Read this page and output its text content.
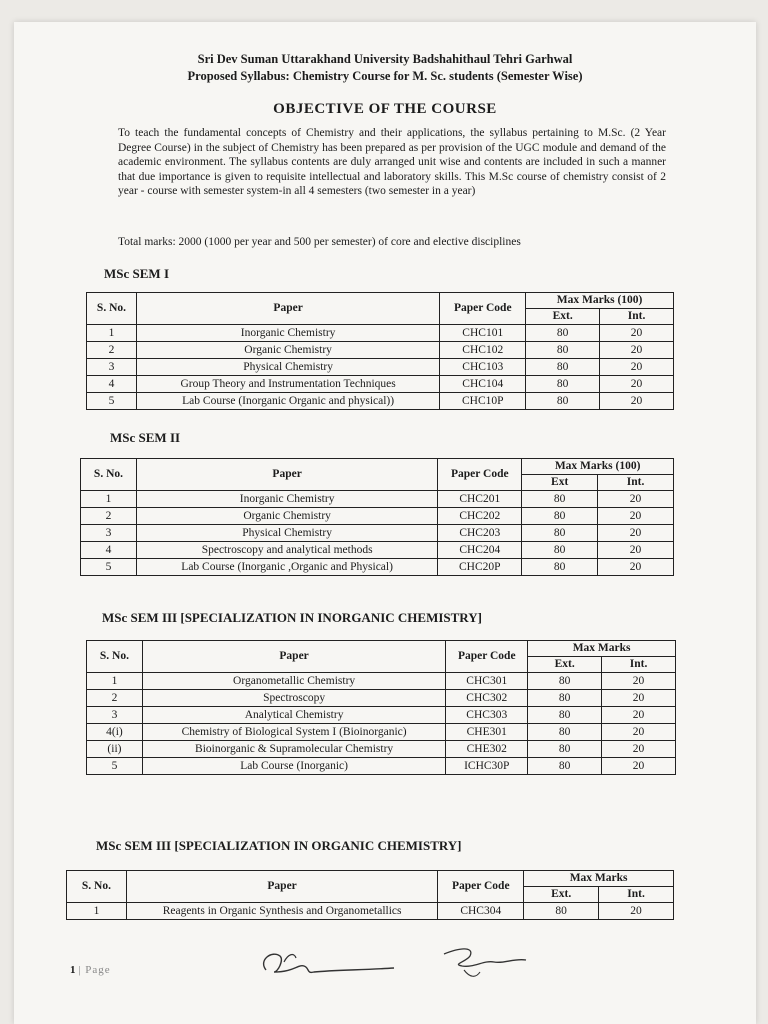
Sri Dev Suman Uttarakhand University Badshahithaul Tehri Garhwal
Proposed Syllabus: Chemistry Course for M. Sc. students (Semester Wise)
OBJECTIVE OF THE COURSE
To teach the fundamental concepts of Chemistry and their applications, the syllabus pertaining to M.Sc. (2 Year Degree Course) in the subject of Chemistry has been prepared as per provision of the UGC module and demand of the academic environment. The syllabus contents are duly arranged unit wise and contents are included in such a manner that due importance is given to requisite intellectual and laboratory skills. This M.Sc course of chemistry consist of 2 year - course with semester system-in all 4 semesters (two semester in a year)
Total marks: 2000 (1000 per year and 500 per semester) of core and elective disciplines
MSc SEM I
S. No.	Paper	Paper Code	Max Marks (100)	
			Ext.	Int.
1	Inorganic Chemistry	CHC101	80	20
2	Organic Chemistry	CHC102	80	20
3	Physical Chemistry	CHC103	80	20
4	Group Theory and Instrumentation Techniques	CHC104	80	20
5	Lab Course (Inorganic Organic and physical))	CHC10P	80	20
MSc SEM II
S. No.	Paper	Paper Code	Max Marks (100)	
			Ext	Int.
1	Inorganic Chemistry	CHC201	80	20
2	Organic Chemistry	CHC202	80	20
3	Physical Chemistry	CHC203	80	20
4	Spectroscopy and analytical methods	CHC204	80	20
5	Lab Course (Inorganic ,Organic and Physical)	CHC20P	80	20
MSc SEM III [SPECIALIZATION IN INORGANIC CHEMISTRY]
S. No.	Paper	Paper Code	Max Marks	
			Ext.	Int.
1	Organometallic Chemistry	CHC301	80	20
2	Spectroscopy	CHC302	80	20
3	Analytical Chemistry	CHC303	80	20
4(i)	Chemistry of Biological System I (Bioinorganic)	CHE301	80	20
(ii)	Bioinorganic & Supramolecular Chemistry	CHE302	80	20
5	Lab Course (Inorganic)	ICHC30P	80	20
MSc SEM III [SPECIALIZATION IN ORGANIC CHEMISTRY]
S. No.	Paper	Paper Code	Max Marks	
			Ext.	Int.
1	Reagents in Organic Synthesis and Organometallics	CHC304	80	20
1 | Page
